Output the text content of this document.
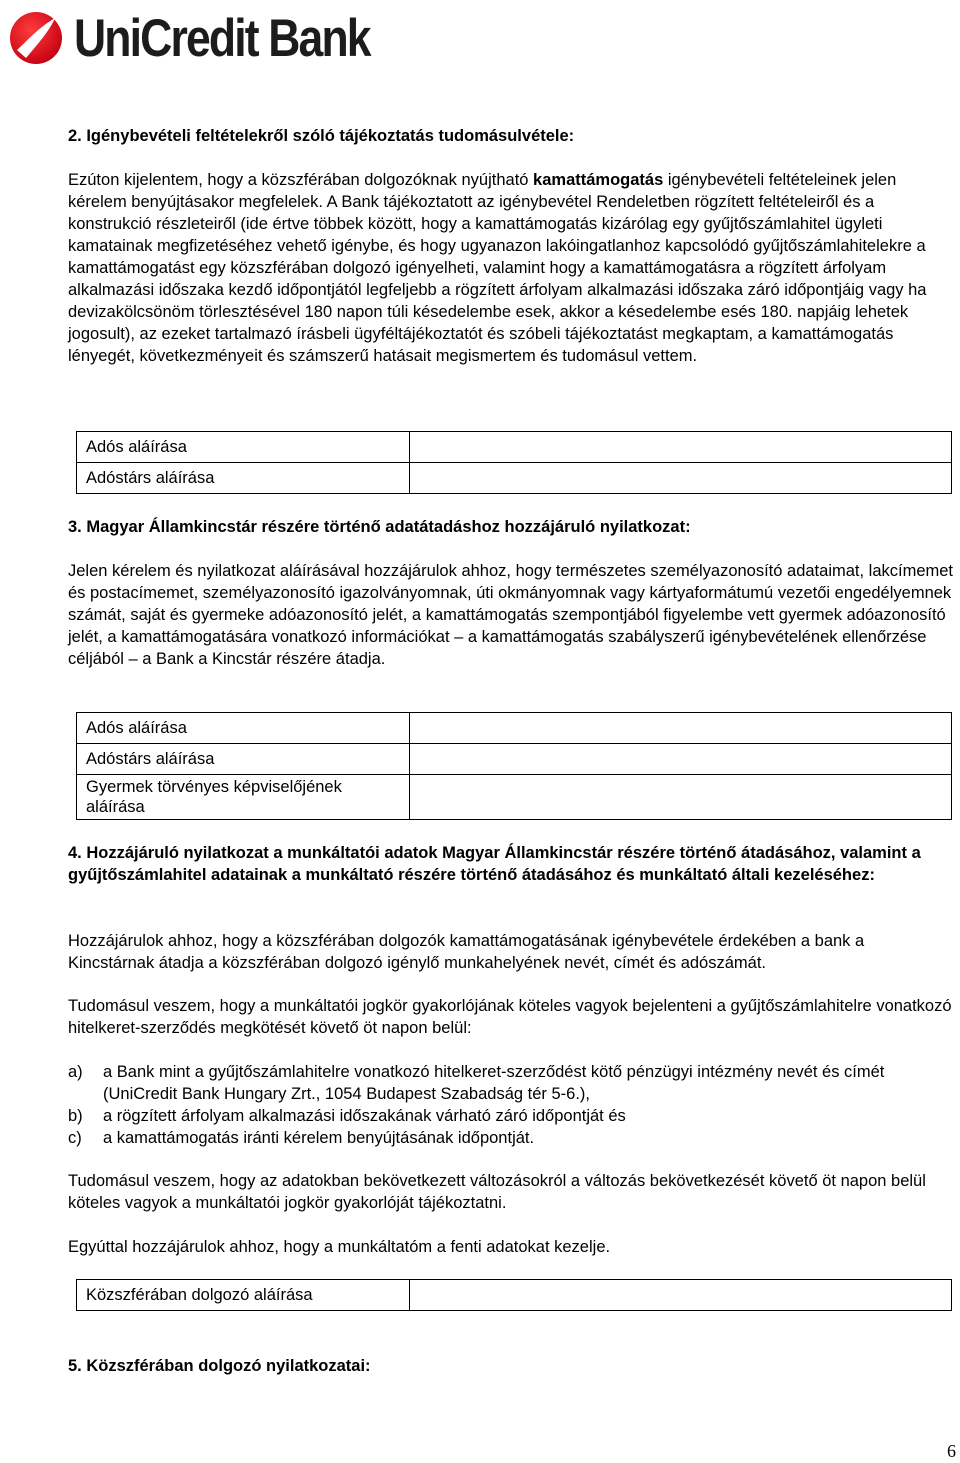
UniCredit Bank
2. Igénybevételi feltételekről szóló tájékoztatás tudomásulvétele:

Ezúton kijelentem, hogy a közszférában dolgozóknak nyújtható kamattámogatás igénybevételi feltételeinek jelen kérelem benyújtásakor megfelelek. A Bank tájékoztatott az igénybevétel Rendeletben rögzített feltételeiről és a konstrukció részleteiről (ide értve többek között, hogy a kamattámogatás kizárólag egy gyűjtőszámlahitel ügyleti kamatainak megfizetéséhez vehető igénybe, és hogy ugyanazon lakóingatlanhoz kapcsolódó gyűjtőszámlahitelekre a kamattámogatást egy közszférában dolgozó igényelheti, valamint hogy a kamattámogatásra a rögzített árfolyam alkalmazási időszaka kezdő időpontjától legfeljebb a rögzített árfolyam alkalmazási időszaka záró időpontjáig vagy ha devizakölcsönöm törlesztésével 180 napon túli késedelembe esek, akkor a késedelembe esés 180. napjáig lehetek jogosult), az ezeket tartalmazó írásbeli ügyféltájékoztatót és szóbeli tájékoztatást megkaptam, a kamattámogatás lényegét, következményeit és számszerű hatásait megismertem és tudomásul vettem.

Adós aláírása	
Adóstárs aláírása	
3. Magyar Államkincstár részére történő adatátadáshoz hozzájáruló nyilatkozat:

Jelen kérelem és nyilatkozat aláírásával hozzájárulok ahhoz, hogy természetes személyazonosító adataimat, lakcímemet és postacímemet, személyazonosító igazolványomnak, úti okmányomnak vagy kártyaformátumú vezetői engedélyemnek számát, saját és gyermeke adóazonosító jelét, a kamattámogatás szempontjából figyelembe vett gyermek adóazonosító jelét, a kamattámogatására vonatkozó információkat – a kamattámogatás szabályszerű igénybevételének ellenőrzése céljából – a Bank a Kincstár részére átadja.

Adós aláírása	
Adóstárs aláírása	
Gyermek törvényes képviselőjének aláírása	
4. Hozzájáruló nyilatkozat a munkáltatói adatok Magyar Államkincstár részére történő átadásához, valamint a gyűjtőszámlahitel adatainak a munkáltató részére történő átadásához és munkáltató általi kezeléséhez:

Hozzájárulok ahhoz, hogy a közszférában dolgozók kamattámogatásának igénybevétele érdekében a bank a Kincstárnak átadja a közszférában dolgozó igénylő munkahelyének nevét, címét és adószámát.

Tudomásul veszem, hogy a munkáltatói jogkör gyakorlójának köteles vagyok bejelenteni a gyűjtőszámlahitelre vonatkozó hitelkeret-szerződés megkötését követő öt napon belül:

a)	a Bank mint a gyűjtőszámlahitelre vonatkozó hitelkeret-szerződést kötő pénzügyi intézmény nevét és címét (UniCredit Bank Hungary Zrt., 1054 Budapest Szabadság tér 5-6.),
b)	a rögzített árfolyam alkalmazási időszakának várható záró időpontját és
c)	a kamattámogatás iránti kérelem benyújtásának időpontját.

Tudomásul veszem, hogy az adatokban bekövetkezett változásokról a változás bekövetkezését követő öt napon belül köteles vagyok a munkáltatói jogkör gyakorlóját tájékoztatni.

Egyúttal hozzájárulok ahhoz, hogy a munkáltatóm a fenti adatokat kezelje.

Közszférában dolgozó aláírása	
5. Közszférában dolgozó nyilatkozatai:
6
